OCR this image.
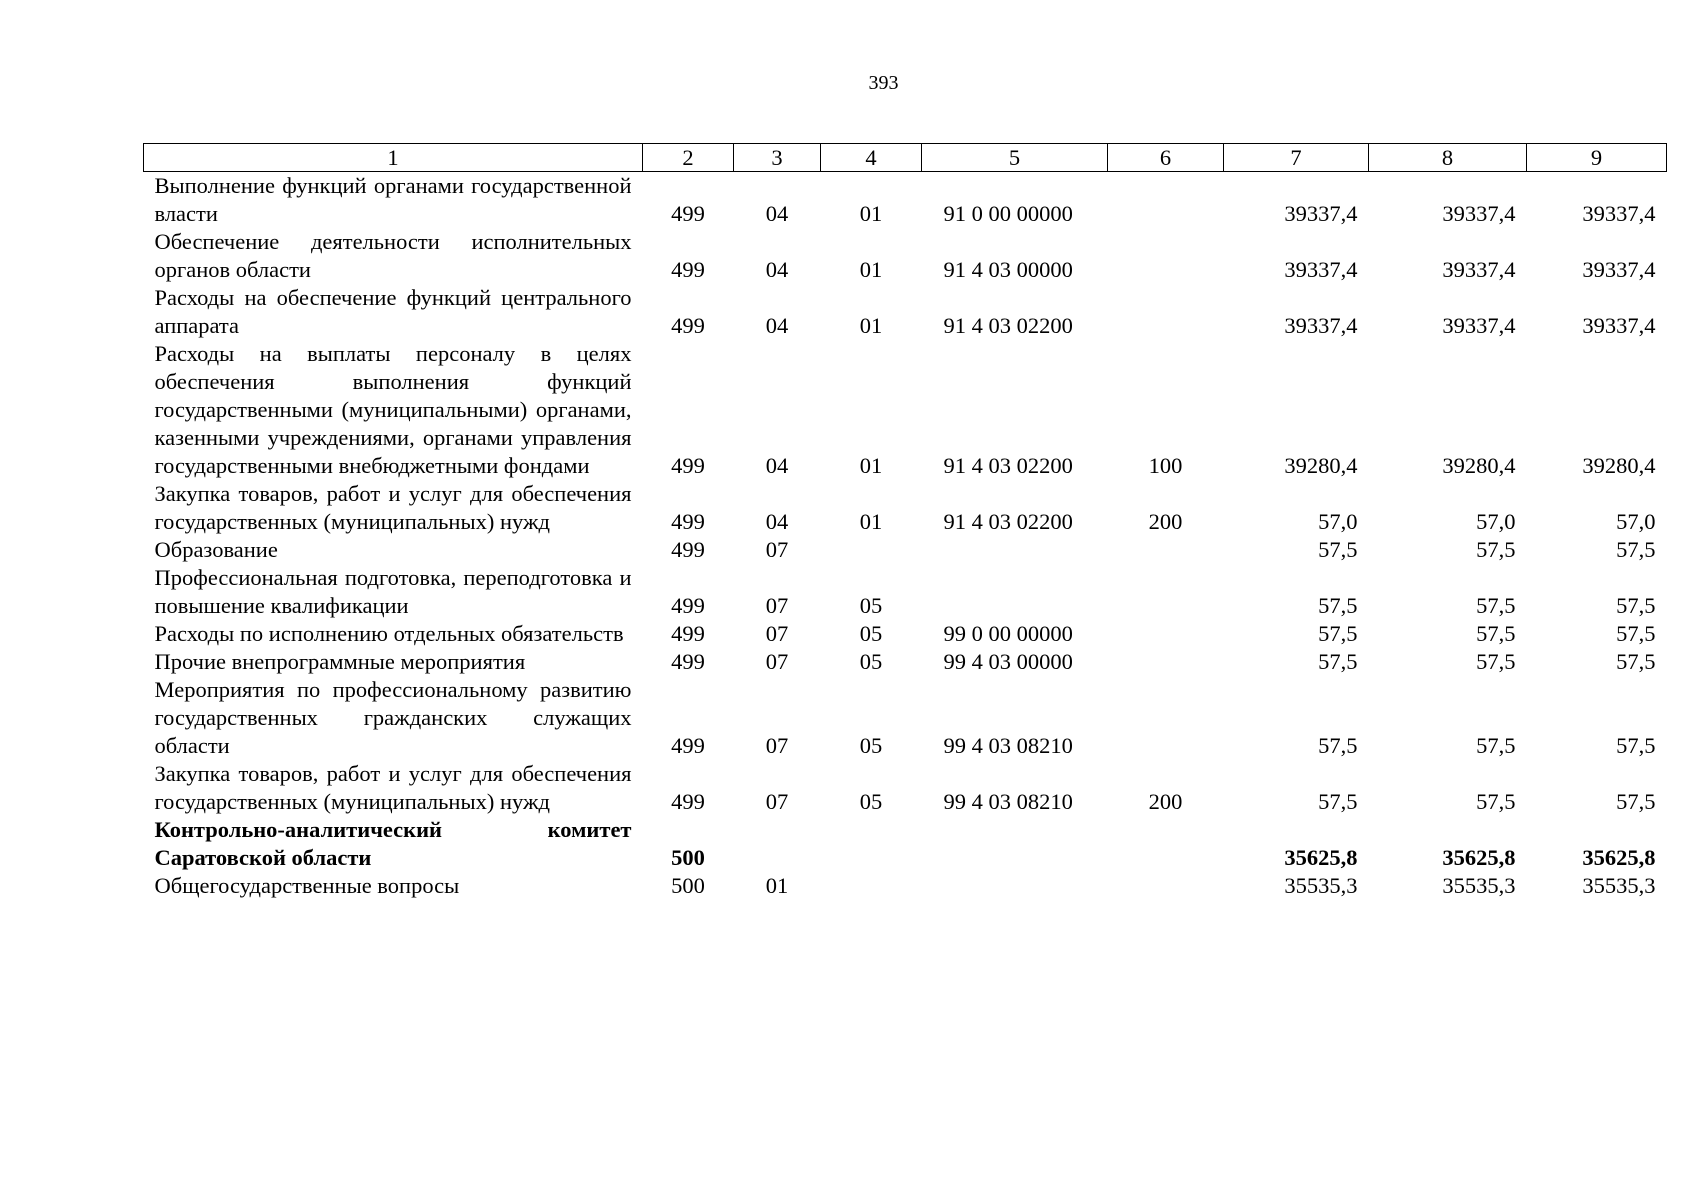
393
1	2	3	4	5	6	7	8	9
Выполнение функций органами государственной власти	499	04	01	91 0 00 00000		39337,4	39337,4	39337,4
Обеспечение деятельности исполнительных органов области	499	04	01	91 4 03 00000		39337,4	39337,4	39337,4
Расходы на обеспечение функций центрального аппарата	499	04	01	91 4 03 02200		39337,4	39337,4	39337,4
Расходы на выплаты персоналу в целях обеспечения выполнения функций государственными (муниципальными) органами, казенными учреждениями, органами управления государственными внебюджетными фондами	499	04	01	91 4 03 02200	100	39280,4	39280,4	39280,4
Закупка товаров, работ и услуг для обеспечения государственных (муниципальных) нужд	499	04	01	91 4 03 02200	200	57,0	57,0	57,0
Образование	499	07				57,5	57,5	57,5
Профессиональная подготовка, переподготовка и повышение квалификации	499	07	05			57,5	57,5	57,5
Расходы по исполнению отдельных обязательств	499	07	05	99 0 00 00000		57,5	57,5	57,5
Прочие внепрограммные мероприятия	499	07	05	99 4 03 00000		57,5	57,5	57,5
Мероприятия по профессиональному развитию государственных гражданских служащих области	499	07	05	99 4 03 08210		57,5	57,5	57,5
Закупка товаров, работ и услуг для обеспечения государственных (муниципальных) нужд	499	07	05	99 4 03 08210	200	57,5	57,5	57,5
Контрольно-аналитический комитет Саратовской области	500					35625,8	35625,8	35625,8
Общегосударственные вопросы	500	01				35535,3	35535,3	35535,3
